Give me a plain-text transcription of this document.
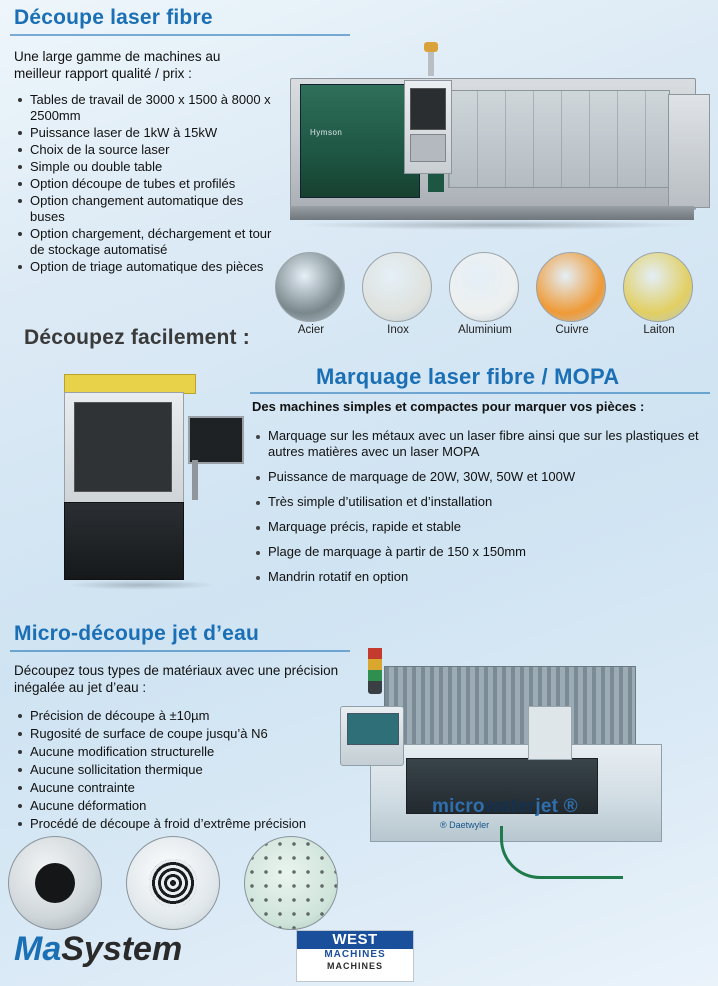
Découpe laser fibre
Une large gamme de machines au meilleur rapport qualité / prix :
Tables de travail de 3000 x 1500 à 8000 x 2500mm
Puissance laser de 1kW à 15kW
Choix de la source laser
Simple ou double table
Option découpe de tubes et profilés
Option changement automatique des buses
Option chargement, déchargement et tour de stockage automatisé
Option de triage automatique des pièces
Hymson
Acier	Inox	Aluminium	Cuivre	Laiton
Découpez facilement :
Marquage laser fibre / MOPA
Des machines simples et compactes pour marquer vos pièces :
Marquage sur les métaux avec un laser fibre ainsi que sur les plastiques et autres matières avec un laser MOPA
Puissance de marquage de 20W, 30W, 50W et 100W
Très simple d’utilisation et d’installation
Marquage précis, rapide et stable
Plage de marquage à partir de 150 x 150mm
Mandrin rotatif en option
Micro-découpe jet d’eau
Découpez tous types de matériaux avec une précision inégalée au jet d’eau :
Précision de découpe à ±10µm
Rugosité de surface de coupe jusqu’à N6
Aucune modification structurelle
Aucune sollicitation thermique
Aucune contrainte
Aucune déformation
Procédé de découpe à froid d’extrême précision
microwaterjet ®
® Daetwyler
MaSystem	WEST
MACHINES
MACHINES
